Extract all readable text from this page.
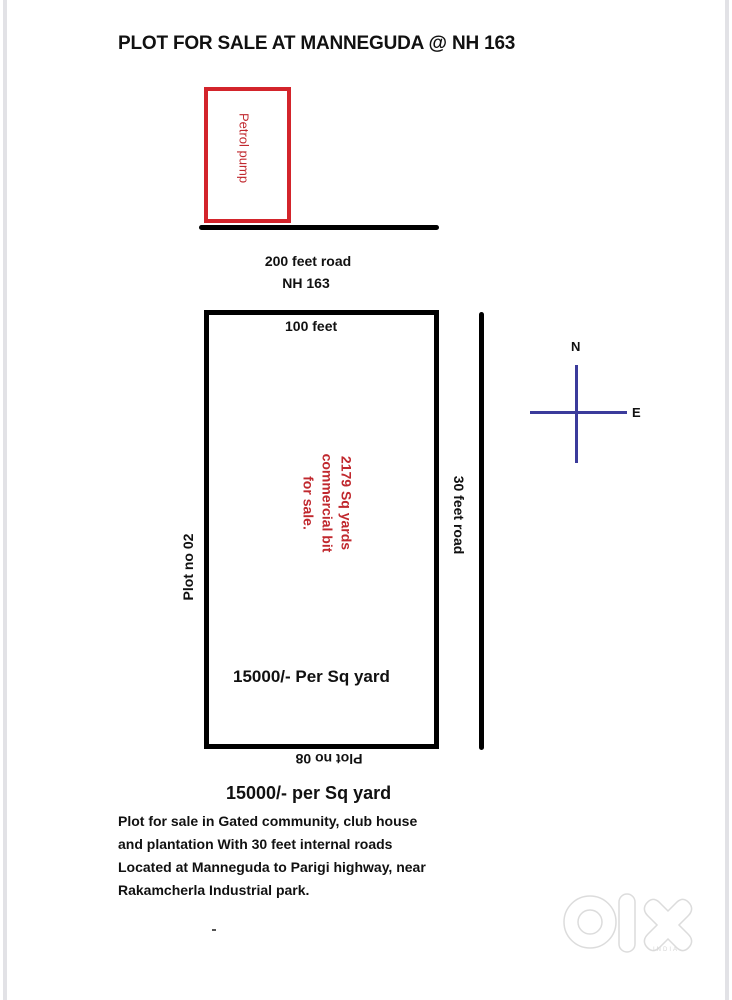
PLOT FOR SALE AT MANNEGUDA @ NH 163
Petrol pump
200 feet road
NH 163
100 feet
2179 Sq yards
commercial bit
for sale.
Plot no 02
15000/- Per Sq yard
Plot no 08
30 feet road
N
E
15000/- per Sq yard
Plot for sale in Gated community, club house
and plantation With 30 feet internal roads
Located at Manneguda to Parigi highway, near
Rakamcherla Industrial park.
INDIA
